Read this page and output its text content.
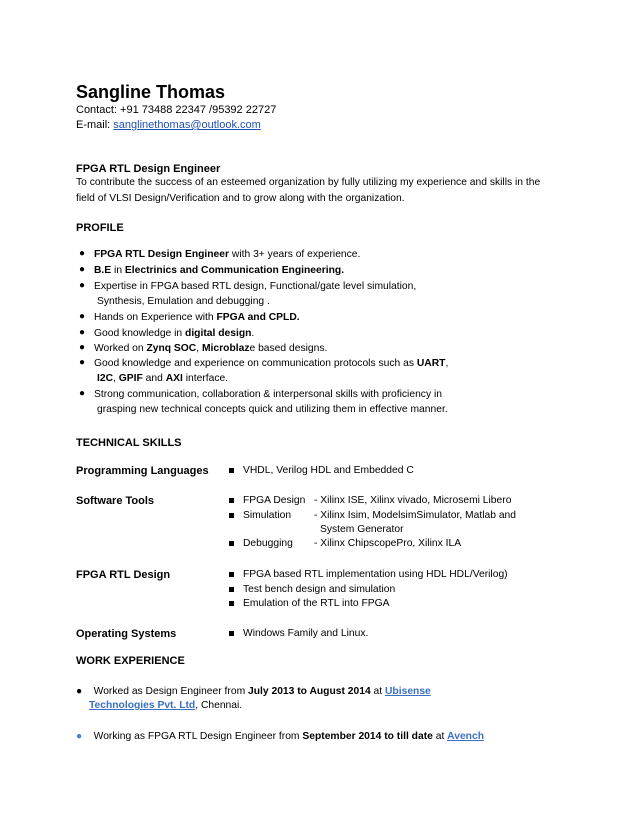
Sangline Thomas
Contact: +91 73488 22347 /95392 22727
E-mail: sanglinethomas@outlook.com
FPGA RTL Design Engineer
To contribute the success of an esteemed organization by fully utilizing my experience and skills in the
field of VLSI Design/Verification and to grow along with the organization.
PROFILE
● FPGA RTL Design Engineer with 3+ years of experience.
● B.E in Electrinics and Communication Engineering.
● Expertise in FPGA based RTL design, Functional/gate level simulation,
Synthesis, Emulation and debugging .
● Hands on Experience with FPGA and CPLD.
● Good knowledge in digital design.
● Worked on Zynq SOC, Microblaze based designs.
● Good knowledge and experience on communication protocols such as UART,
I2C, GPIF and AXI interface.
● Strong communication, collaboration & interpersonal skills with proficiency in
grasping new technical concepts quick and utilizing them in effective manner.
TECHNICAL SKILLS
Programming Languages	VHDL, Verilog HDL and Embedded C
Software Tools	FPGA Design - Xilinx ISE, Xilinx vivado, Microsemi Libero
Simulation - Xilinx Isim, ModelsimSimulator, Matlab and
System Generator
Debugging - Xilinx ChipscopePro, Xilinx ILA
FPGA RTL Design	FPGA based RTL implementation using HDL HDL/Verilog)
Test bench design and simulation
Emulation of the RTL into FPGA
Operating Systems	Windows Family and Linux.
WORK EXPERIENCE
●    Worked as Design Engineer from July 2013 to August 2014 at Ubisense
Technologies Pvt. Ltd, Chennai.
●    Working as FPGA RTL Design Engineer from September 2014 to till date at Avench
